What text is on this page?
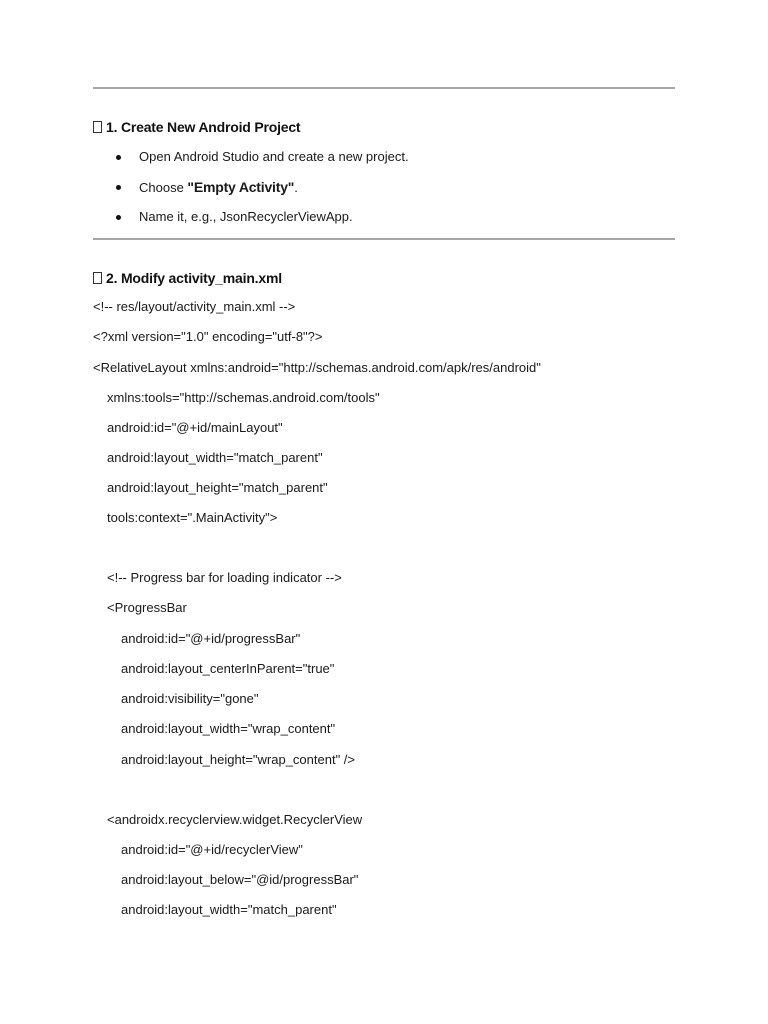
1. Create New Android Project
Open Android Studio and create a new project.
Choose "Empty Activity".
Name it, e.g., JsonRecyclerViewApp.
2. Modify activity_main.xml
<!-- res/layout/activity_main.xml -->
<?xml version="1.0" encoding="utf-8"?>
<RelativeLayout xmlns:android="http://schemas.android.com/apk/res/android"
xmlns:tools="http://schemas.android.com/tools"
android:id="@+id/mainLayout"
android:layout_width="match_parent"
android:layout_height="match_parent"
tools:context=".MainActivity">
<!-- Progress bar for loading indicator -->
<ProgressBar
android:id="@+id/progressBar"
android:layout_centerInParent="true"
android:visibility="gone"
android:layout_width="wrap_content"
android:layout_height="wrap_content" />
<androidx.recyclerview.widget.RecyclerView
android:id="@+id/recyclerView"
android:layout_below="@id/progressBar"
android:layout_width="match_parent"
